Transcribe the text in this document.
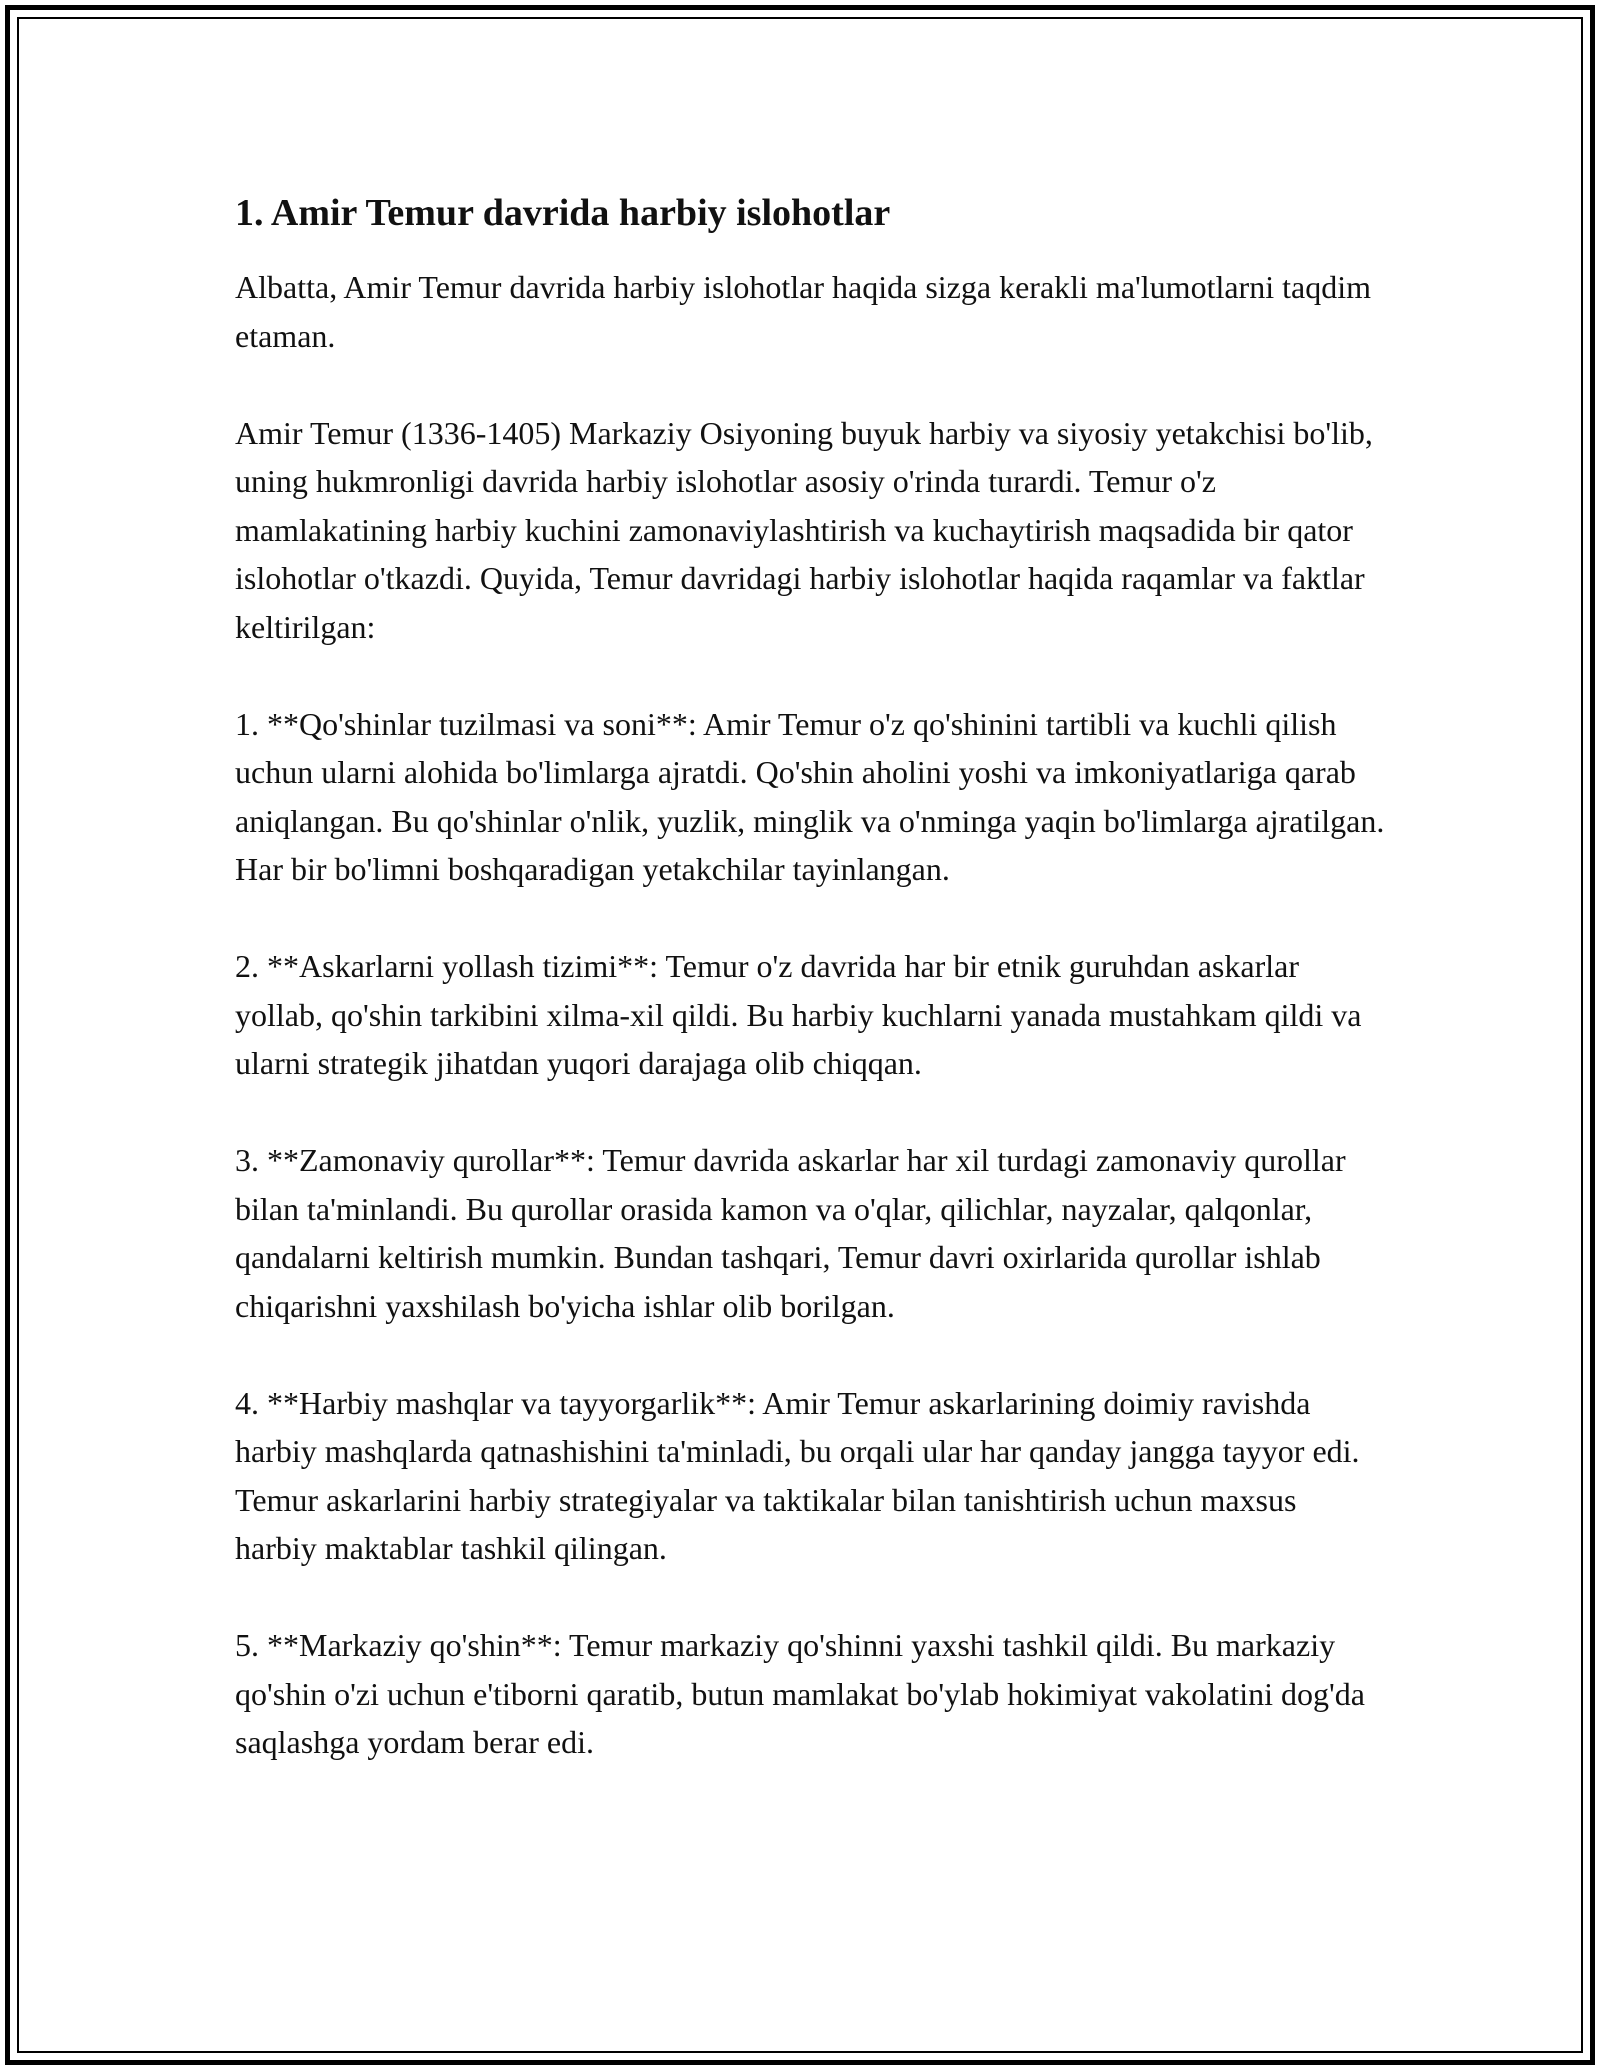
1. Amir Temur davrida harbiy islohotlar

Albatta, Amir Temur davrida harbiy islohotlar haqida sizga kerakli ma'lumotlarni taqdim etaman.

Amir Temur (1336-1405) Markaziy Osiyoning buyuk harbiy va siyosiy yetakchisi bo'lib, uning hukmronligi davrida harbiy islohotlar asosiy o'rinda turardi. Temur o'z mamlakatining harbiy kuchini zamonaviylashtirish va kuchaytirish maqsadida bir qator islohotlar o'tkazdi. Quyida, Temur davridagi harbiy islohotlar haqida raqamlar va faktlar keltirilgan:

1. **Qo'shinlar tuzilmasi va soni**: Amir Temur o'z qo'shinini tartibli va kuchli qilish uchun ularni alohida bo'limlarga ajratdi. Qo'shin aholini yoshi va imkoniyatlariga qarab aniqlangan. Bu qo'shinlar o'nlik, yuzlik, minglik va o'nminga yaqin bo'limlarga ajratilgan. Har bir bo'limni boshqaradigan yetakchilar tayinlangan.

2. **Askarlarni yollash tizimi**: Temur o'z davrida har bir etnik guruhdan askarlar yollab, qo'shin tarkibini xilma-xil qildi. Bu harbiy kuchlarni yanada mustahkam qildi va ularni strategik jihatdan yuqori darajaga olib chiqqan.

3. **Zamonaviy qurollar**: Temur davrida askarlar har xil turdagi zamonaviy qurollar bilan ta'minlandi. Bu qurollar orasida kamon va o'qlar, qilichlar, nayzalar, qalqonlar, qandalarni keltirish mumkin. Bundan tashqari, Temur davri oxirlarida qurollar ishlab chiqarishni yaxshilash bo'yicha ishlar olib borilgan.

4. **Harbiy mashqlar va tayyorgarlik**: Amir Temur askarlarining doimiy ravishda harbiy mashqlarda qatnashishini ta'minladi, bu orqali ular har qanday jangga tayyor edi. Temur askarlarini harbiy strategiyalar va taktikalar bilan tanishtirish uchun maxsus harbiy maktablar tashkil qilingan.

5. **Markaziy qo'shin**: Temur markaziy qo'shinni yaxshi tashkil qildi. Bu markaziy qo'shin o'zi uchun e'tiborni qaratib, butun mamlakat bo'ylab hokimiyat vakolatini dog'da saqlashga yordam berar edi.
